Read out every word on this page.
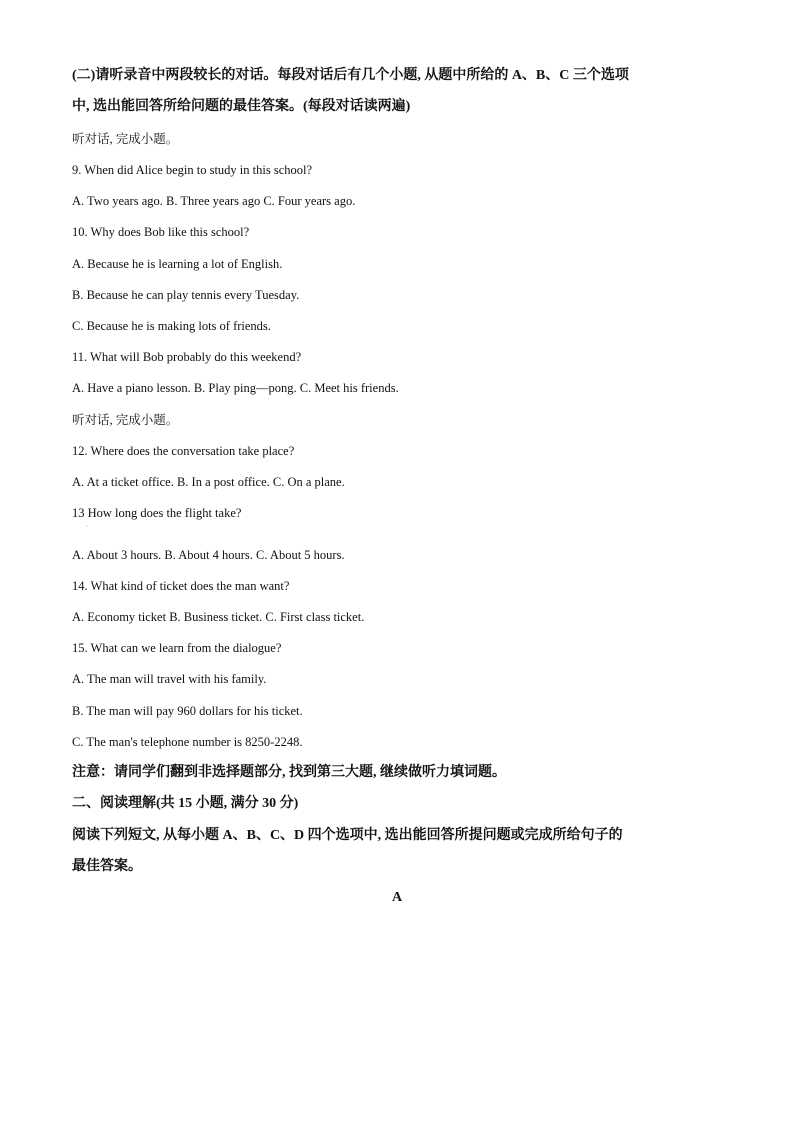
(二)请听录音中两段较长的对话。每段对话后有几个小题, 从题中所给的 A、B、C 三个选项
中, 选出能回答所给问题的最佳答案。(每段对话读两遍)
听对话, 完成小题。
9. When did Alice begin to study in this school?
A. Two years ago. B. Three years ago C. Four years ago.
10. Why does Bob like this school?
A. Because he is learning a lot of English.
B. Because he can play tennis every Tuesday.
C. Because he is making lots of friends.
11. What will Bob probably do this weekend?
A. Have a piano lesson. B. Play ping—pong. C. Meet his friends.
听对话, 完成小题。
12. Where does the conversation take place?
A. At a ticket office. B. In a post office. C. On a plane.
13 How long does the flight take?
·
A. About 3 hours. B. About 4 hours. C. About 5 hours.
14. What kind of ticket does the man want?
A. Economy ticket B. Business ticket. C. First class ticket.
15. What can we learn from the dialogue?
A. The man will travel with his family.
B. The man will pay 960 dollars for his ticket.
C. The man's telephone number is 8250-2248.
注意：请同学们翻到非选择题部分, 找到第三大题, 继续做听力填词题。
二、阅读理解(共 15 小题, 满分 30 分)
阅读下列短文, 从每小题 A、B、C、D 四个选项中, 选出能回答所提问题或完成所给句子的
最佳答案。
A
